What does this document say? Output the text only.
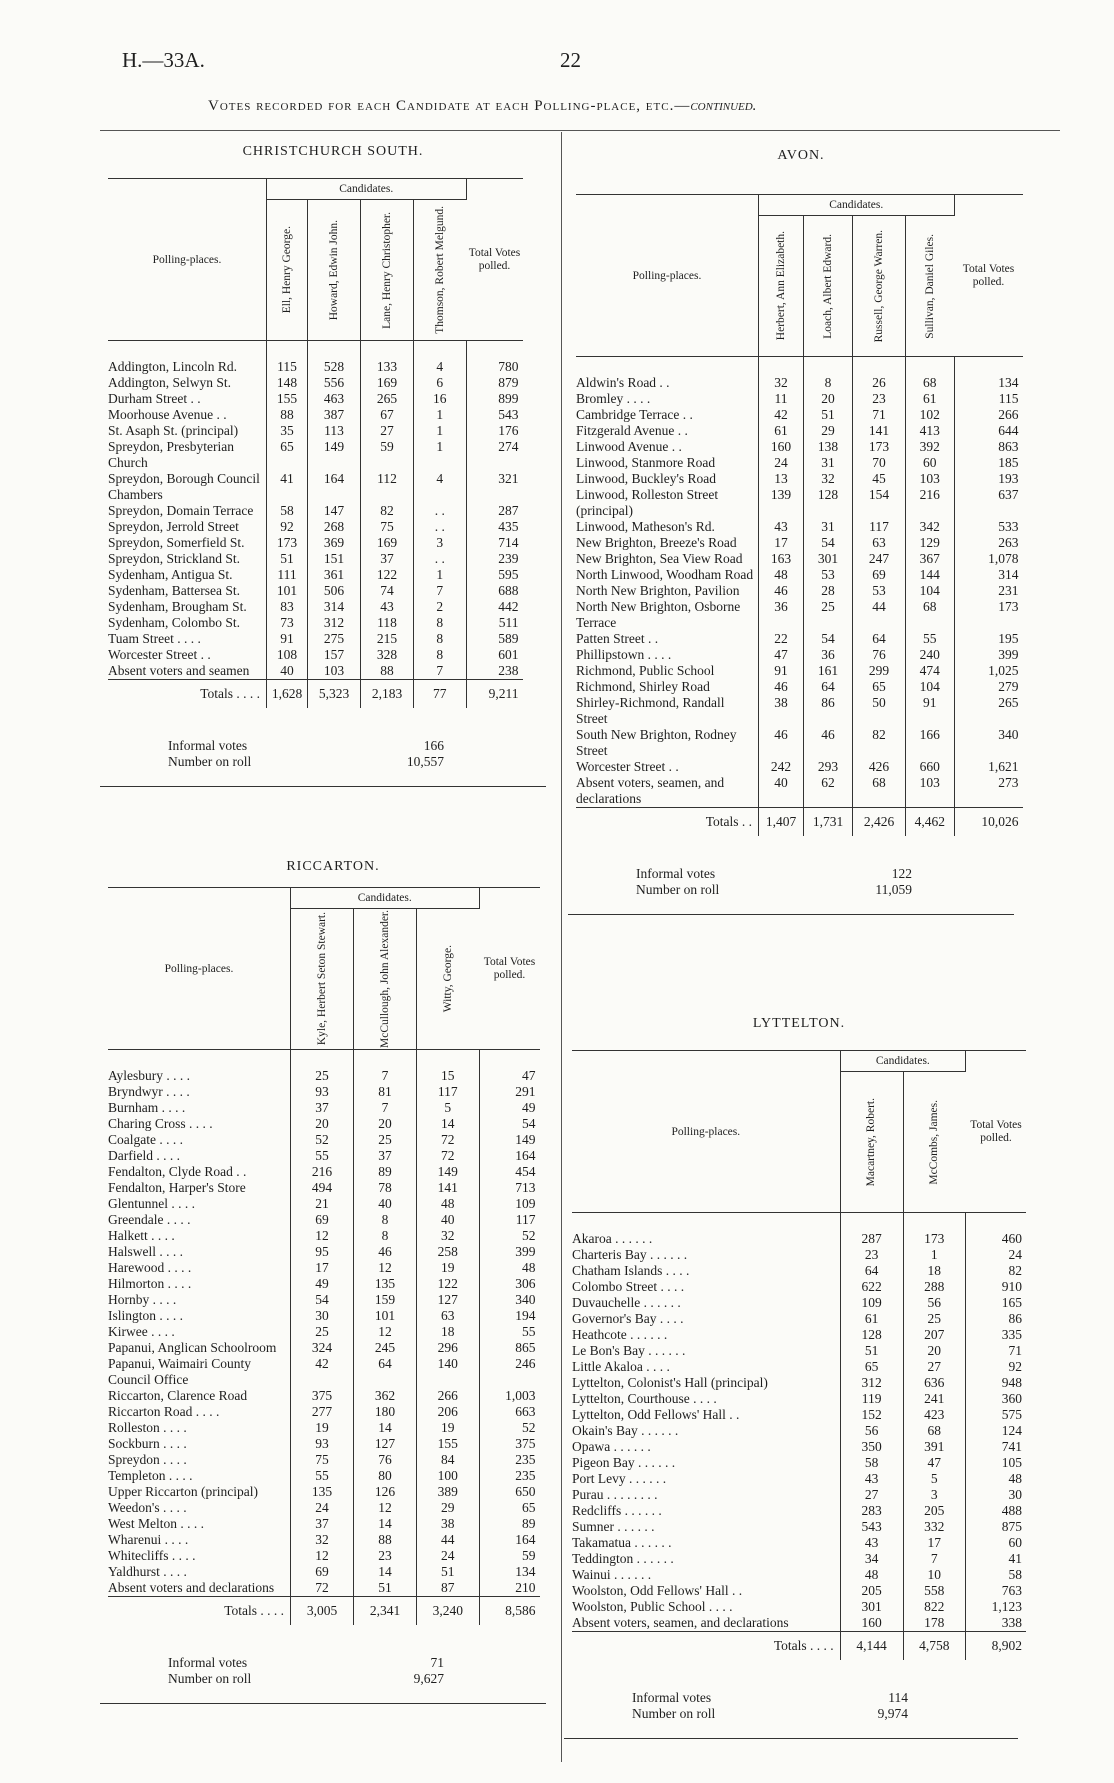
H.—33A.	22
Votes recorded for each Candidate at each Polling-place, etc.—continued.
CHRISTCHURCH SOUTH.
Polling-places.	Candidates.				Total Votes polled.

	Ell, Henry George.	Howard, Edwin John.	Lane, Henry Christopher.	Thomson, Robert Melgund.	

Addington, Lincoln Rd.	115	528	133	4	780
Addington, Selwyn St.	148	556	169	6	879
Durham Street . .	155	463	265	16	899
Moorhouse Avenue . .	88	387	67	1	543
St. Asaph St. (principal)	35	113	27	1	176
Spreydon, Presbyterian Church	65	149	59	1	274
Spreydon, Borough Council Chambers	41	164	112	4	321
Spreydon, Domain Terrace	58	147	82	. .	287
Spreydon, Jerrold Street	92	268	75	. .	435
Spreydon, Somerfield St.	173	369	169	3	714
Spreydon, Strickland St.	51	151	37	. .	239
Sydenham, Antigua St.	111	361	122	1	595
Sydenham, Battersea St.	101	506	74	7	688
Sydenham, Brougham St.	83	314	43	2	442
Sydenham, Colombo St.	73	312	118	8	511
Tuam Street . . . .	91	275	215	8	589
Worcester Street . .	108	157	328	8	601
Absent voters and seamen	40	103	88	7	238
Totals . . . .	1,628	5,323	2,183	77	9,211
Informal votes	166
Number on roll	10,557
RICCARTON.
Polling-places.	Candidates.			Total Votes polled.

	Kyle, Herbert Seton Stewart.	McCullough, John Alexander.	Witty, George.	

Aylesbury . . . .	25	7	15	47
Bryndwyr . . . .	93	81	117	291
Burnham . . . .	37	7	5	49
Charing Cross . . . .	20	20	14	54
Coalgate . . . .	52	25	72	149
Darfield . . . .	55	37	72	164
Fendalton, Clyde Road . .	216	89	149	454
Fendalton, Harper's Store	494	78	141	713
Glentunnel . . . .	21	40	48	109
Greendale . . . .	69	8	40	117
Halkett . . . .	12	8	32	52
Halswell . . . .	95	46	258	399
Harewood . . . .	17	12	19	48
Hilmorton . . . .	49	135	122	306
Hornby . . . .	54	159	127	340
Islington . . . .	30	101	63	194
Kirwee . . . .	25	12	18	55
Papanui, Anglican Schoolroom	324	245	296	865
Papanui, Waimairi County Council Office	42	64	140	246
Riccarton, Clarence Road	375	362	266	1,003
Riccarton Road . . . .	277	180	206	663
Rolleston . . . .	19	14	19	52
Sockburn . . . .	93	127	155	375
Spreydon . . . .	75	76	84	235
Templeton . . . .	55	80	100	235
Upper Riccarton (principal)	135	126	389	650
Weedon's . . . .	24	12	29	65
West Melton . . . .	37	14	38	89
Wharenui . . . .	32	88	44	164
Whitecliffs . . . .	12	23	24	59
Yaldhurst . . . .	69	14	51	134
Absent voters and declarations	72	51	87	210
Totals . . . .	3,005	2,341	3,240	8,586
Informal votes	71
Number on roll	9,627
AVON.
Polling-places.	Candidates.				Total Votes polled.

	Herbert, Ann Elizabeth.	Loach, Albert Edward.	Russell, George Warren.	Sullivan, Daniel Giles.	

Aldwin's Road . .	32	8	26	68	134
Bromley . . . .	11	20	23	61	115
Cambridge Terrace . .	42	51	71	102	266
Fitzgerald Avenue . .	61	29	141	413	644
Linwood Avenue . .	160	138	173	392	863
Linwood, Stanmore Road	24	31	70	60	185
Linwood, Buckley's Road	13	32	45	103	193
Linwood, Rolleston Street (principal)	139	128	154	216	637
Linwood, Matheson's Rd.	43	31	117	342	533
New Brighton, Breeze's Road	17	54	63	129	263
New Brighton, Sea View Road	163	301	247	367	1,078
North Linwood, Woodham Road	48	53	69	144	314
North New Brighton, Pavilion	46	28	53	104	231
North New Brighton, Osborne Terrace	36	25	44	68	173
Patten Street . .	22	54	64	55	195
Phillipstown . . . .	47	36	76	240	399
Richmond, Public School	91	161	299	474	1,025
Richmond, Shirley Road	46	64	65	104	279
Shirley-Richmond, Randall Street	38	86	50	91	265
South New Brighton, Rodney Street	46	46	82	166	340
Worcester Street . .	242	293	426	660	1,621
Absent voters, seamen, and declarations	40	62	68	103	273
Totals . .	1,407	1,731	2,426	4,462	10,026
Informal votes	122
Number on roll	11,059
LYTTELTON.
Polling-places.	Candidates.		Total Votes polled.

	Macartney, Robert.	McCombs, James.	

Akaroa . . . . . .	287	173	460
Charteris Bay . . . . . .	23	1	24
Chatham Islands . . . .	64	18	82
Colombo Street . . . .	622	288	910
Duvauchelle . . . . . .	109	56	165
Governor's Bay . . . .	61	25	86
Heathcote . . . . . .	128	207	335
Le Bon's Bay . . . . . .	51	20	71
Little Akaloa . . . .	65	27	92
Lyttelton, Colonist's Hall (principal)	312	636	948
Lyttelton, Courthouse . . . .	119	241	360
Lyttelton, Odd Fellows' Hall . .	152	423	575
Okain's Bay . . . . . .	56	68	124
Opawa . . . . . .	350	391	741
Pigeon Bay . . . . . .	58	47	105
Port Levy . . . . . .	43	5	48
Purau . . . . . . . .	27	3	30
Redcliffs . . . . . .	283	205	488
Sumner . . . . . .	543	332	875
Takamatua . . . . . .	43	17	60
Teddington . . . . . .	34	7	41
Wainui . . . . . .	48	10	58
Woolston, Odd Fellows' Hall . .	205	558	763
Woolston, Public School . . . .	301	822	1,123
Absent voters, seamen, and declarations	160	178	338
Totals . . . .	4,144	4,758	8,902
Informal votes	114
Number on roll	9,974
